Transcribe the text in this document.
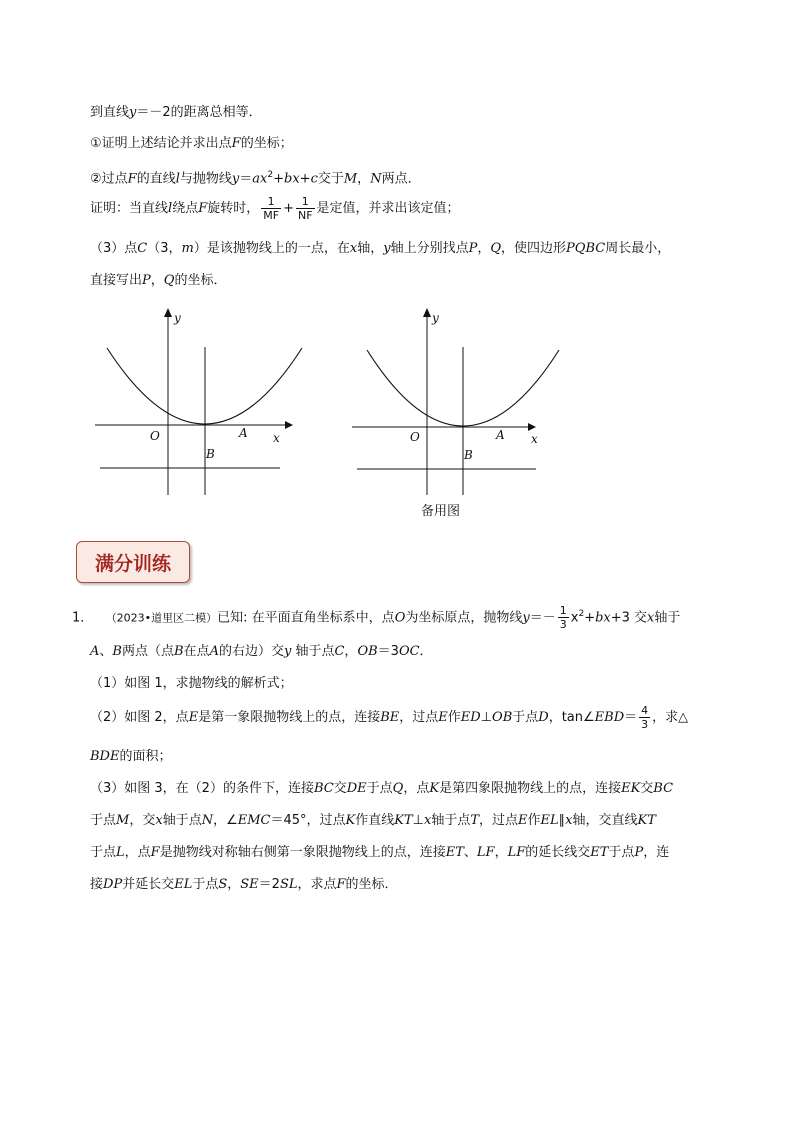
到直线y＝－2的距离总相等．
①证明上述结论并求出点F的坐标；
②过点F的直线l与抛物线$y=ax^2+bx+c$交于M，N两点．
证明：当直线l绕点F旋转时， $\frac{1}{MF} + \frac{1}{NF}$ 是定值，并求出该定值；
（3）点C（3，m）是该抛物线上的一点，在x轴，y轴上分别找点P，Q，使四边形PQBC周长最小，
直接写出P，Q的坐标．
y
x
O	A
B
y
x
O	A
B
备用图
满分训练
1． （2023•道里区二模）已知: 在平面直角坐标系中，点O为坐标原点，抛物线$y=- \frac{1}{3} x^2+bx+3$ 交x轴于
A、B两点（点B在点A的右边）交y 轴于点C，OB＝3OC．
（1）如图 1，求抛物线的解析式；
（2）如图 2，点E是第一象限抛物线上的点，连接BE，过点E作ED⊥OB于点D，tan∠EBD＝ $\frac{4}{3}$ ，求△
BDE的面积；
（3）如图 3，在（2）的条件下，连接BC交DE于点Q，点K是第四象限抛物线上的点，连接EK交BC
于点M，交x轴于点N，∠EMC＝45°，过点K作直线KT⊥x轴于点T，过点E作EL∥x轴，交直线KT
于点L，点F是抛物线对称轴右侧第一象限抛物线上的点，连接ET、LF，LF的延长线交ET于点P，连
接DP并延长交EL于点S，SE＝2SL，求点F的坐标．
